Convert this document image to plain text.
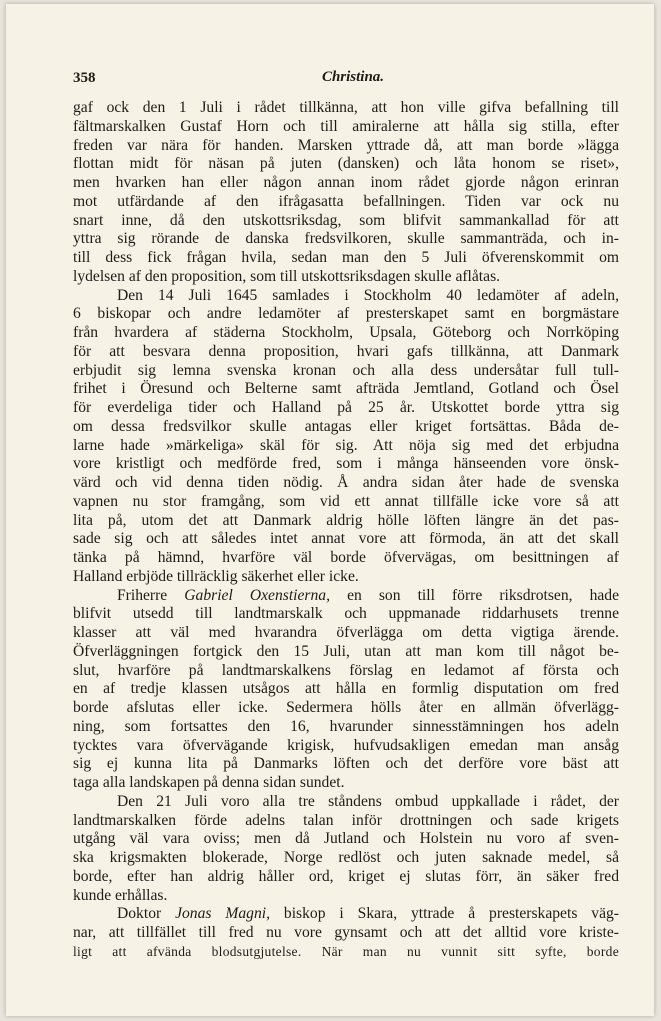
358	Christina.
gaf ock den 1 Juli i rådet tillkänna, att hon ville gifva befallning till
fältmarskalken Gustaf Horn och till amiralerne att hålla sig stilla, efter
freden var nära för handen. Marsken yttrade då, att man borde »lägga
flottan midt för näsan på juten (dansken) och låta honom se riset»,
men hvarken han eller någon annan inom rådet gjorde någon erinran
mot utfärdande af den ifrågasatta befallningen. Tiden var ock nu
snart inne, då den utskottsriksdag, som blifvit sammankallad för att
yttra sig rörande de danska fredsvilkoren, skulle sammanträda, och in-
till dess fick frågan hvila, sedan man den 5 Juli öfverenskommit om
lydelsen af den proposition, som till utskottsriksdagen skulle aflåtas.
Den 14 Juli 1645 samlades i Stockholm 40 ledamöter af adeln,
6 biskopar och andre ledamöter af presterskapet samt en borgmästare
från hvardera af städerna Stockholm, Upsala, Göteborg och Norrköping
för att besvara denna proposition, hvari gafs tillkänna, att Danmark
erbjudit sig lemna svenska kronan och alla dess undersåtar full tull-
frihet i Öresund och Belterne samt afträda Jemtland, Gotland och Ösel
för everdeliga tider och Halland på 25 år. Utskottet borde yttra sig
om dessa fredsvilkor skulle antagas eller kriget fortsättas. Båda de-
larne hade »märkeliga» skäl för sig. Att nöja sig med det erbjudna
vore kristligt och medförde fred, som i många hänseenden vore önsk-
värd och vid denna tiden nödig. Å andra sidan åter hade de svenska
vapnen nu stor framgång, som vid ett annat tillfälle icke vore så att
lita på, utom det att Danmark aldrig hölle löften längre än det pas-
sade sig och att således intet annat vore att förmoda, än att det skall
tänka på hämnd, hvarföre väl borde öfvervägas, om besittningen af
Halland erbjöde tillräcklig säkerhet eller icke.
Friherre Gabriel Oxenstierna, en son till förre riksdrotsen, hade
blifvit utsedd till landtmarskalk och uppmanade riddarhusets trenne
klasser att väl med hvarandra öfverlägga om detta vigtiga ärende.
Öfverläggningen fortgick den 15 Juli, utan att man kom till något be-
slut, hvarföre på landtmarskalkens förslag en ledamot af första och
en af tredje klassen utsågos att hålla en formlig disputation om fred
borde afslutas eller icke. Sedermera hölls åter en allmän öfverlägg-
ning, som fortsattes den 16, hvarunder sinnesstämningen hos adeln
tycktes vara öfvervägande krigisk, hufvudsakligen emedan man ansåg
sig ej kunna lita på Danmarks löften och det derföre vore bäst att
taga alla landskapen på denna sidan sundet.
Den 21 Juli voro alla tre ståndens ombud uppkallade i rådet, der
landtmarskalken förde adelns talan inför drottningen och sade krigets
utgång väl vara oviss; men då Jutland och Holstein nu voro af sven-
ska krigsmakten blokerade, Norge redlöst och juten saknade medel, så
borde, efter han aldrig håller ord, kriget ej slutas förr, än säker fred
kunde erhållas.
Doktor Jonas Magni, biskop i Skara, yttrade å presterskapets väg-
nar, att tillfället till fred nu vore gynsamt och att det alltid vore kriste-
ligt att afvända blodsutgjutelse. När man nu vunnit sitt syfte, borde
